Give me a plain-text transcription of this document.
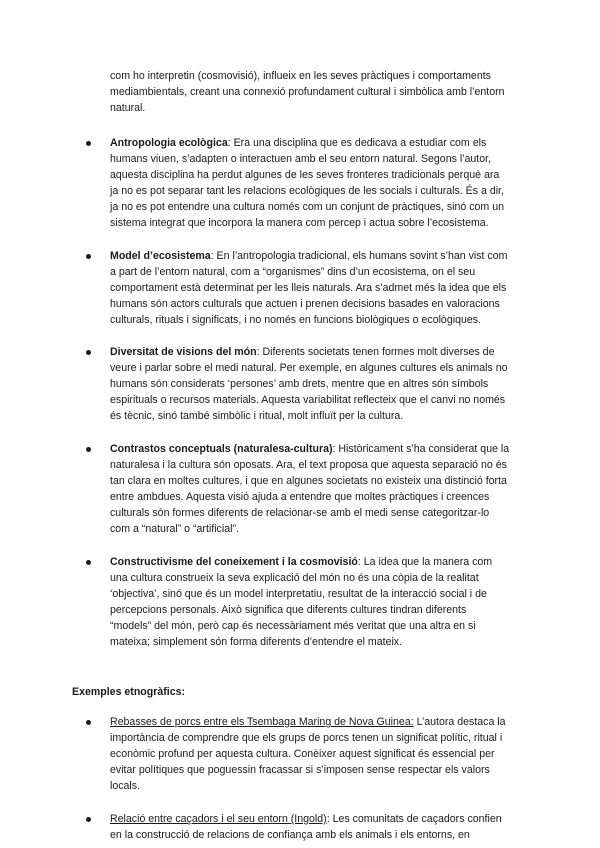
com ho interpretin (cosmovisió), influeix en les seves pràctiques i comportaments mediambientals, creant una connexió profundament cultural i simbòlica amb l’entorn natural.

Antropologia ecològica: Era una disciplina que es dedicava a estudiar com els humans viuen, s’adapten o interactuen amb el seu entorn natural. Segons l’autor, aquesta disciplina ha perdut algunes de les seves fronteres tradicionals perquè ara ja no es pot separar tant les relacions ecològiques de les socials i culturals. És a dir, ja no es pot entendre una cultura només com un conjunt de pràctiques, sinó com un sistema integrat que incorpora la manera com percep i actua sobre l’ecosistema.
Model d’ecosistema: En l’antropologia tradicional, els humans sovint s’han vist com a part de l’entorn natural, com a “organismes” dins d’un ecosistema, on el seu comportament està determinat per les lleis naturals. Ara s’admet més la idea que els humans són actors culturals que actuen i prenen decisions basades en valoracions culturals, rituals i significats, i no només en funcions biològiques o ecològiques.
Diversitat de visions del món: Diferents societats tenen formes molt diverses de veure i parlar sobre el medi natural. Per exemple, en algunes cultures els animals no humans són considerats ‘persones’ amb drets, mentre que en altres són símbols espirituals o recursos materials. Aquesta variabilitat reflecteix que el canvi no només és tècnic, sinó també simbòlic i ritual, molt influït per la cultura.
Contrastos conceptuals (naturalesa-cultura): Històricament s’ha considerat que la naturalesa i la cultura són oposats. Ara, el text proposa que aquesta separació no és tan clara en moltes cultures, i que en algunes societats no existeix una distinció forta entre ambdues. Aquesta visió ajuda a entendre que moltes pràctiques i creences culturals són formes diferents de relacionar-se amb el medi sense categoritzar-lo com a “natural” o “artificial”.
Constructivisme del coneixement i la cosmovisió: La idea que la manera com una cultura construeix la seva explicació del món no és una còpia de la realitat ‘objectiva’, sinó que és un model interpretatiu, resultat de la interacció social i de percepcions personals. Això significa que diferents cultures tindran diferents “models” del món, però cap és necessàriament més veritat que una altra en si mateixa; simplement són forma diferents d’entendre el mateix.
Exemples etnogràfics:
Rebasses de porcs entre els Tsembaga Maring de Nova Guinea: L’autora destaca la importància de comprendre que els grups de porcs tenen un significat polític, ritual i econòmic profund per aquesta cultura. Conèixer aquest significat és essencial per evitar polítiques que poguessin fracassar si s’imposen sense respectar els valors locals.
Relació entre caçadors i el seu entorn (Ingold): Les comunitats de caçadors confien en la construcció de relacions de confiança amb els animals i els entorns, en
